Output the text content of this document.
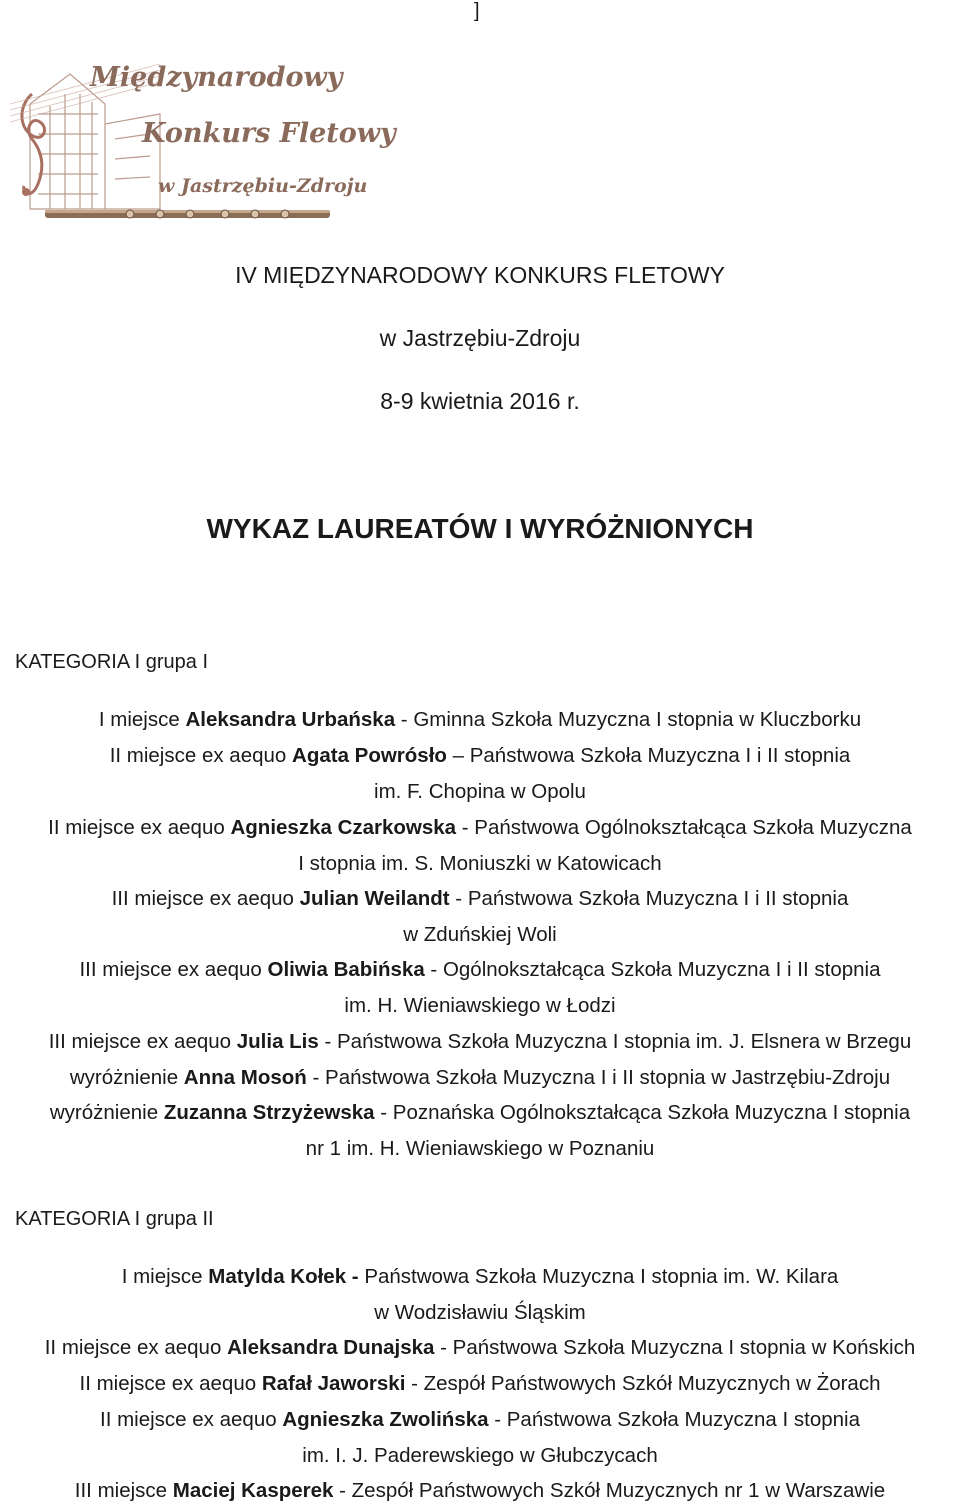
]
Międzynarodowy
Konkurs Fletowy
w Jastrzębiu-Zdroju
IV MIĘDZYNARODOWY KONKURS FLETOWY
w Jastrzębiu-Zdroju
8-9 kwietnia 2016 r.
WYKAZ LAUREATÓW I WYRÓŻNIONYCH
KATEGORIA I grupa I
I miejsce Aleksandra Urbańska - Gminna Szkoła Muzyczna I stopnia w Kluczborku
II miejsce ex aequo Agata Powrósło – Państwowa Szkoła Muzyczna I i II stopnia
im. F. Chopina w Opolu
II miejsce ex aequo Agnieszka Czarkowska - Państwowa Ogólnokształcąca Szkoła Muzyczna
I stopnia im. S. Moniuszki w Katowicach
III miejsce ex aequo Julian Weilandt - Państwowa Szkoła Muzyczna I i II stopnia
w Zduńskiej Woli
III miejsce ex aequo Oliwia Babińska - Ogólnokształcąca Szkoła Muzyczna I i II stopnia
im. H. Wieniawskiego w Łodzi
III miejsce ex aequo Julia Lis - Państwowa Szkoła Muzyczna I stopnia im. J. Elsnera w Brzegu
wyróżnienie Anna Mosoń - Państwowa Szkoła Muzyczna I i II stopnia w Jastrzębiu-Zdroju
wyróżnienie Zuzanna Strzyżewska - Poznańska Ogólnokształcąca Szkoła Muzyczna I stopnia
nr 1 im. H. Wieniawskiego w Poznaniu
KATEGORIA I grupa II
I miejsce Matylda Kołek - Państwowa Szkoła Muzyczna I stopnia im. W. Kilara
w Wodzisławiu Śląskim
II miejsce ex aequo Aleksandra Dunajska - Państwowa Szkoła Muzyczna I stopnia w Końskich
II miejsce ex aequo Rafał Jaworski - Zespół Państwowych Szkół Muzycznych w Żorach
II miejsce ex aequo Agnieszka Zwolińska - Państwowa Szkoła Muzyczna I stopnia
im. I. J. Paderewskiego w Głubczycach
III miejsce Maciej Kasperek - Zespół Państwowych Szkół Muzycznych nr 1 w Warszawie
